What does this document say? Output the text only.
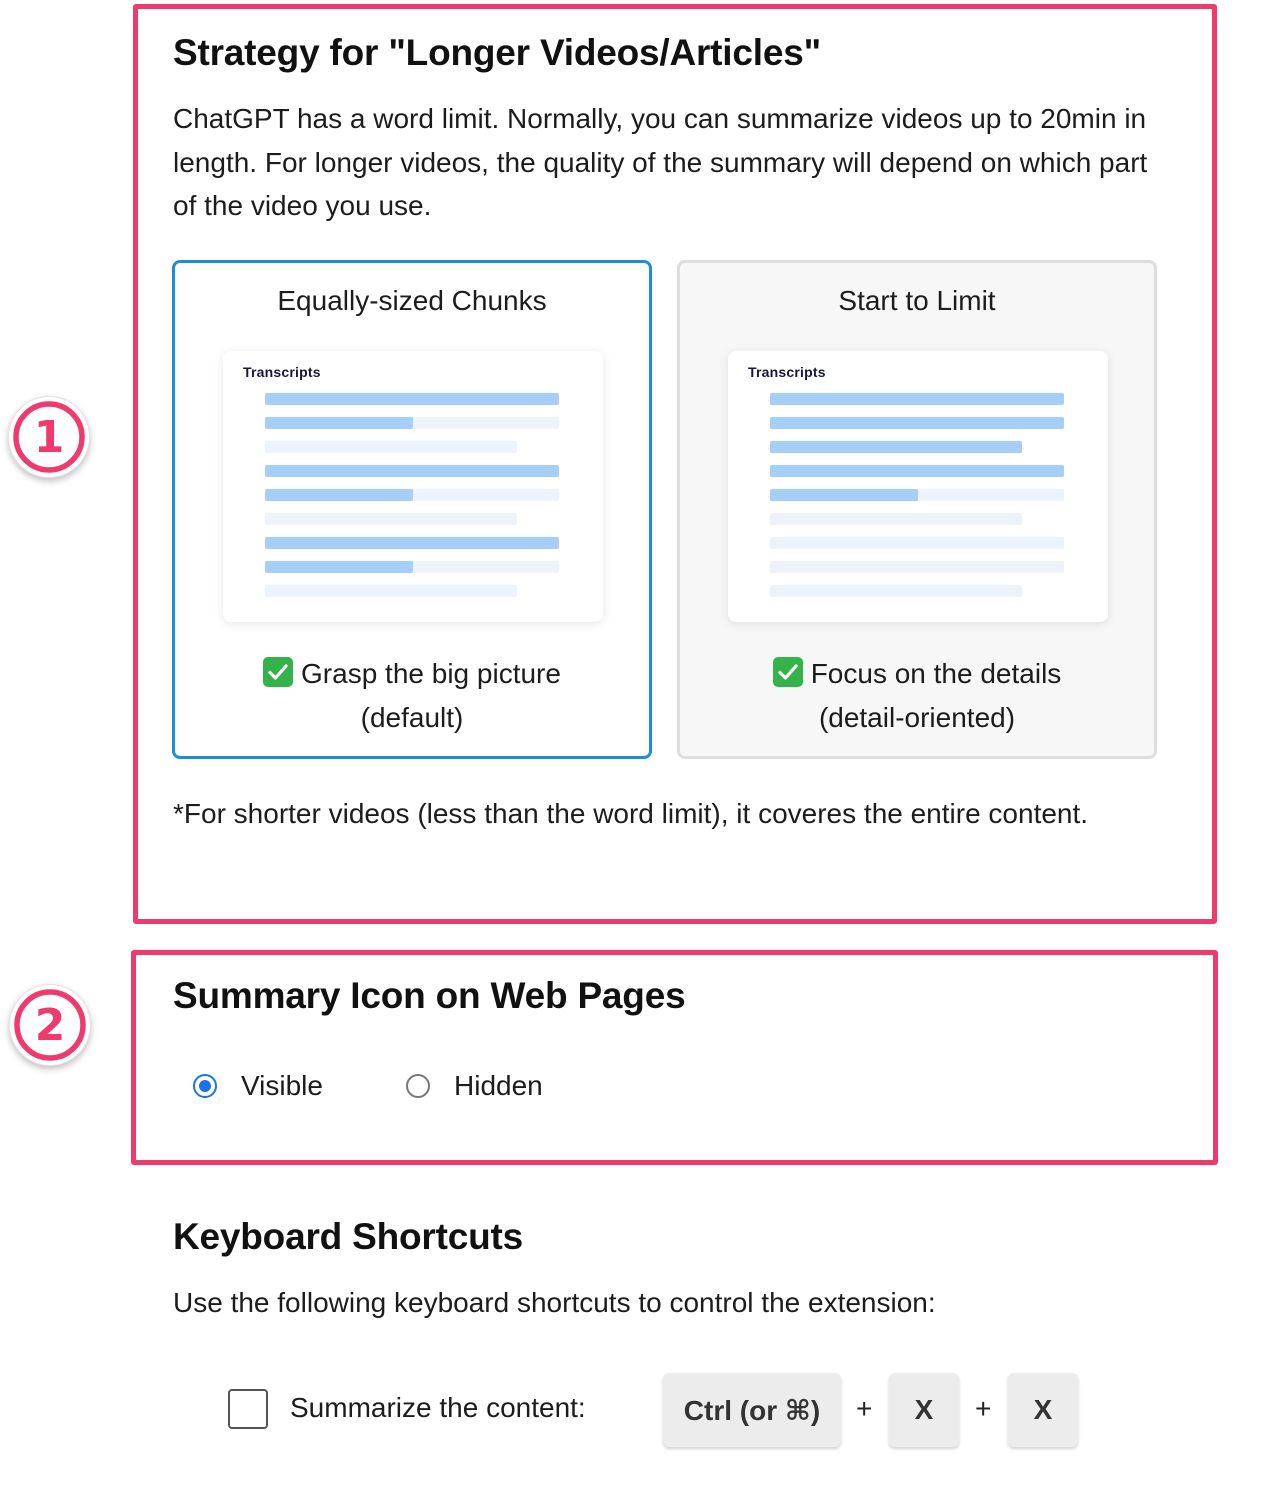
1
2
Strategy for "Longer Videos/Articles"

ChatGPT has a word limit. Normally, you can summarize videos up to 20min in length. For longer videos, the quality of the summary will depend on which part of the video you use.

Equally-sized Chunks
Transcripts
Grasp the big picture
(default)
Start to Limit
Transcripts
Focus on the details
(detail-oriented)

*For shorter videos (less than the word limit), it coveres the entire content.

Summary Icon on Web Pages
Visible	Hidden
Keyboard Shortcuts

Use the following keyboard shortcuts to control the extension:

Summarize the content:	Ctrl (or ⌘)	+	X	+	X
